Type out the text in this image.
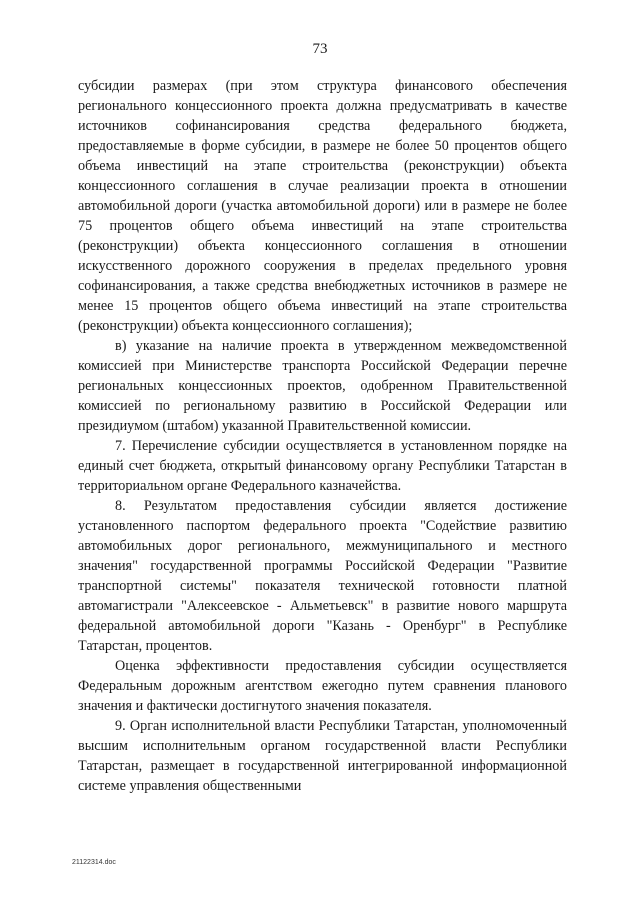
73

субсидии размерах (при этом структура финансового обеспечения регионального концессионного проекта должна предусматривать в качестве источников софинансирования средства федерального бюджета, предоставляемые в форме субсидии, в размере не более 50 процентов общего объема инвестиций на этапе строительства (реконструкции) объекта концессионного соглашения в случае реализации проекта в отношении автомобильной дороги (участка автомобильной дороги) или в размере не более 75 процентов общего объема инвестиций на этапе строительства (реконструкции) объекта концессионного соглашения в отношении искусственного дорожного сооружения в пределах предельного уровня софинансирования, а также средства внебюджетных источников в размере не менее 15 процентов общего объема инвестиций на этапе строительства (реконструкции) объекта концессионного соглашения);

в) указание на наличие проекта в утвержденном межведомственной комиссией при Министерстве транспорта Российской Федерации перечне региональных концессионных проектов, одобренном Правительственной комиссией по региональному развитию в Российской Федерации или президиумом (штабом) указанной Правительственной комиссии.

7. Перечисление субсидии осуществляется в установленном порядке на единый счет бюджета, открытый финансовому органу Республики Татарстан в территориальном органе Федерального казначейства.

8. Результатом предоставления субсидии является достижение установленного паспортом федерального проекта "Содействие развитию автомобильных дорог регионального, межмуниципального и местного значения" государственной программы Российской Федерации "Развитие транспортной системы" показателя технической готовности платной автомагистрали "Алексеевское - Альметьевск" в развитие нового маршрута федеральной автомобильной дороги "Казань - Оренбург" в Республике Татарстан, процентов.

Оценка эффективности предоставления субсидии осуществляется Федеральным дорожным агентством ежегодно путем сравнения планового значения и фактически достигнутого значения показателя.

9. Орган исполнительной власти Республики Татарстан, уполномоченный высшим исполнительным органом государственной власти Республики Татарстан, размещает в государственной интегрированной информационной системе управления общественными

21122314.doc
